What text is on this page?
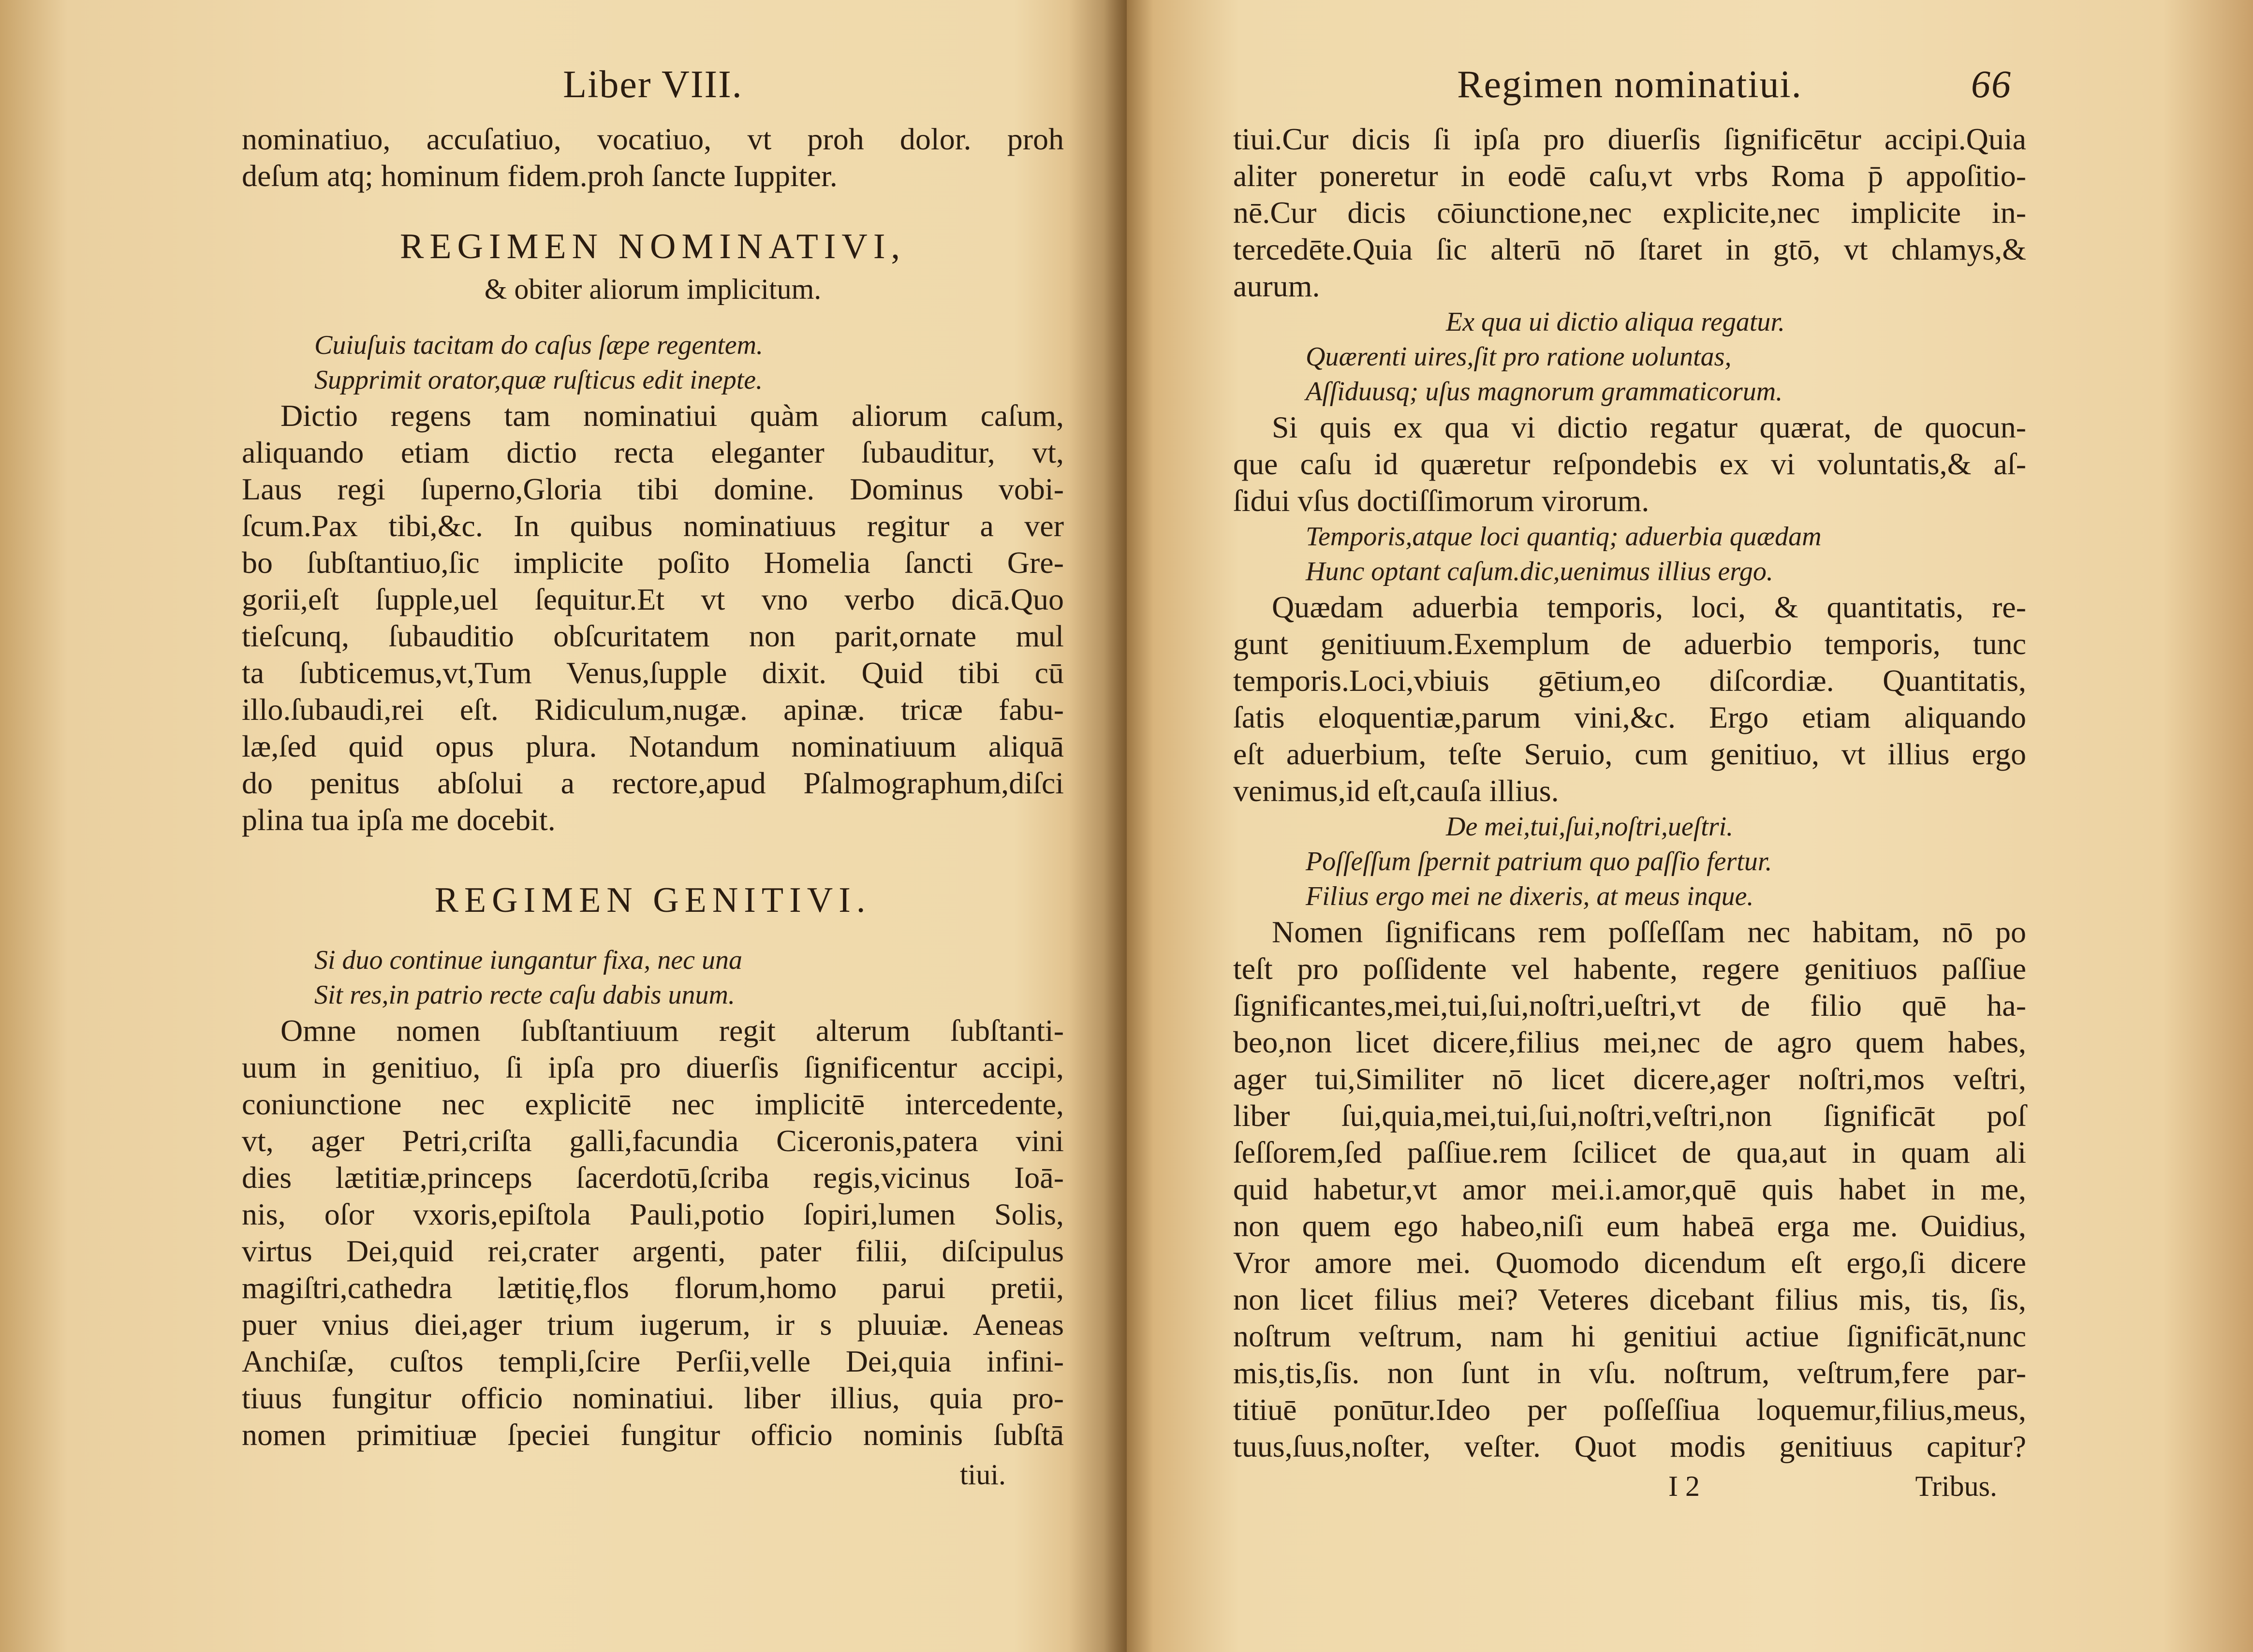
Liber VIII.
nominatiuo, accuſatiuo, vocatiuo, vt proh dolor. proh
deſum atq; hominum fidem.proh ſancte Iuppiter.
REGIMEN NOMINATIVI,
& obiter aliorum implicitum.
Cuiuſuis tacitam do caſus ſæpe regentem.
Supprimit orator,quæ ruſticus edit inepte.
Dictio regens tam nominatiui quàm aliorum caſum,
aliquando etiam dictio recta eleganter ſubauditur, vt,
Laus regi ſuperno,Gloria tibi domine. Dominus vobi-
ſcum.Pax tibi,&c. In quibus nominatiuus regitur a ver
bo ſubſtantiuo,ſic implicite poſito Homelia ſancti Gre-
gorii,eſt ſupple,uel ſequitur.Et vt vno verbo dicā.Quo
tieſcunq, ſubauditio obſcuritatem non parit,ornate mul
ta ſubticemus,vt,Tum Venus,ſupple dixit. Quid tibi cū
illo.ſubaudi,rei eſt. Ridiculum,nugæ. apinæ. tricæ fabu-
læ,ſed quid opus plura. Notandum nominatiuum aliquā
do penitus abſolui a rectore,apud Pſalmographum,diſci
plina tua ipſa me docebit.
REGIMEN GENITIVI.
Si duo continue iungantur fixa, nec una
Sit res,in patrio recte caſu dabis unum.
Omne nomen ſubſtantiuum regit alterum ſubſtanti-
uum in genitiuo, ſi ipſa pro diuerſis ſignificentur accipi,
coniunctione nec explicitē nec implicitē intercedente,
vt, ager Petri,criſta galli,facundia Ciceronis,patera vini
dies lætitiæ,princeps ſacerdotū,ſcriba regis,vicinus Ioā-
nis, oſor vxoris,epiſtola Pauli,potio ſopiri,lumen Solis,
virtus Dei,quid rei,crater argenti, pater filii, diſcipulus
magiſtri,cathedra lætitię,flos florum,homo parui pretii,
puer vnius diei,ager trium iugerum, ir s pluuiæ. Aeneas
Anchiſæ, cuſtos templi,ſcire Perſii,velle Dei,quia infini-
tiuus fungitur officio nominatiui. liber illius, quia pro-
nomen primitiuæ ſpeciei fungitur officio nominis ſubſtā
tiui.
Regimen nominatiui.	66
tiui.Cur dicis ſi ipſa pro diuerſis ſignificētur accipi.Quia
aliter poneretur in eodē caſu,vt vrbs Roma p̄ appoſitio-
nē.Cur dicis cōiunctione,nec explicite,nec implicite in-
tercedēte.Quia ſic alterū nō ſtaret in gtō, vt chlamys,&
aurum.
Ex qua ui dictio aliqua regatur.
Quærenti uires,ſit pro ratione uoluntas,
Aſſiduusq; uſus magnorum grammaticorum.
Si quis ex qua vi dictio regatur quærat, de quocun-
que caſu id quæretur reſpondebis ex vi voluntatis,& aſ-
ſidui vſus doctiſſimorum virorum.
Temporis,atque loci quantiq; aduerbia quædam
Hunc optant caſum.dic,uenimus illius ergo.
Quædam aduerbia temporis, loci, & quantitatis, re-
gunt genitiuum.Exemplum de aduerbio temporis, tunc
temporis.Loci,vbiuis gētium,eo diſcordiæ. Quantitatis,
ſatis eloquentiæ,parum vini,&c. Ergo etiam aliquando
eſt aduerbium, teſte Seruio, cum genitiuo, vt illius ergo
venimus,id eſt,cauſa illius.
De mei,tui,ſui,noſtri,ueſtri.
Poſſeſſum ſpernit patrium quo paſſio fertur.
Filius ergo mei ne dixeris, at meus inque.
Nomen ſignificans rem poſſeſſam nec habitam, nō po
teſt pro poſſidente vel habente, regere genitiuos paſſiue
ſignificantes,mei,tui,ſui,noſtri,ueſtri,vt de filio quē ha-
beo,non licet dicere,filius mei,nec de agro quem habes,
ager tui,Similiter nō licet dicere,ager noſtri,mos veſtri,
liber ſui,quia,mei,tui,ſui,noſtri,veſtri,non ſignificāt poſ
ſeſſorem,ſed paſſiue.rem ſcilicet de qua,aut in quam ali
quid habetur,vt amor mei.i.amor,quē quis habet in me,
non quem ego habeo,niſi eum habeā erga me. Ouidius,
Vror amore mei. Quomodo dicendum eſt ergo,ſi dicere
non licet filius mei? Veteres dicebant filius mis, tis, ſis,
noſtrum veſtrum, nam hi genitiui actiue ſignificāt,nunc
mis,tis,ſis. non ſunt in vſu. noſtrum, veſtrum,fere par-
titiuē ponūtur.Ideo per poſſeſſiua loquemur,filius,meus,
tuus,ſuus,noſter, veſter. Quot modis genitiuus capitur?
I 2	Tribus.
